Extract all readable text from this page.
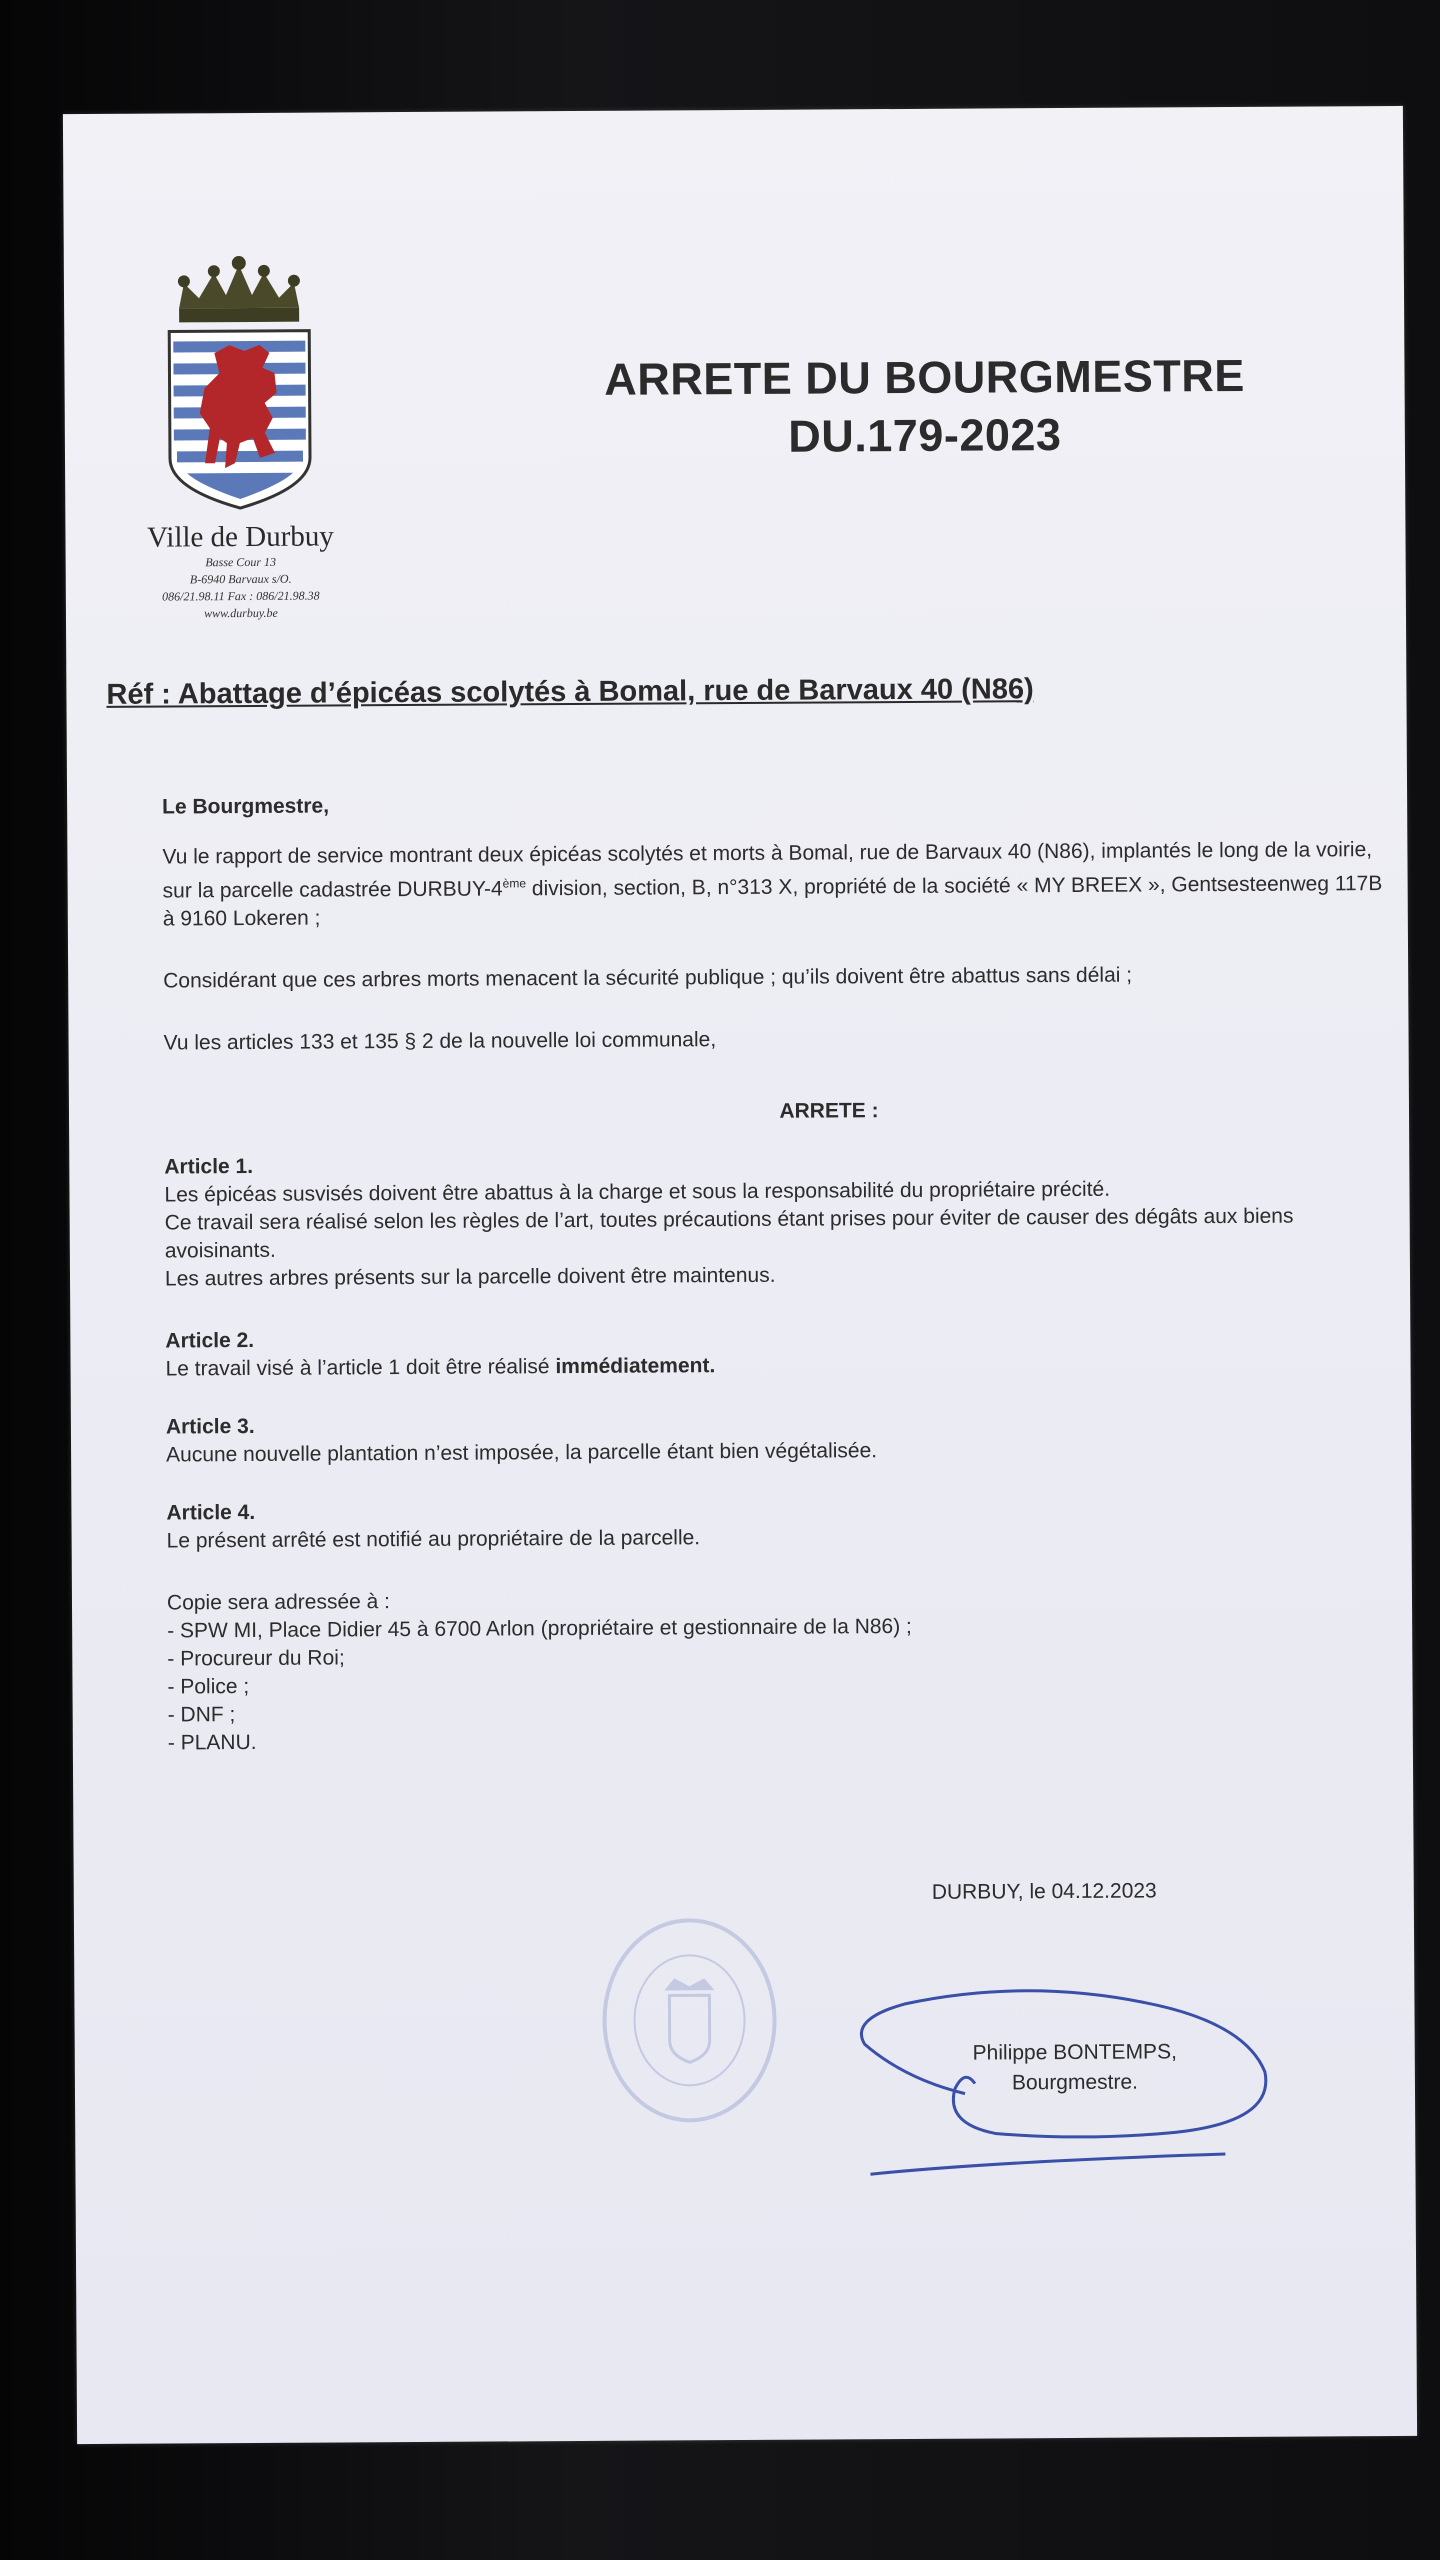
Ville de Durbuy
Basse Cour 13
B-6940 Barvaux s/O.
086/21.98.11 Fax : 086/21.98.38
www.durbuy.be
ARRETE DU BOURGMESTRE
DU.179-2023
Réf : Abattage d’épicéas scolytés à Bomal, rue de Barvaux 40 (N86)

Le Bourgmestre,

Vu le rapport de service montrant deux épicéas scolytés et morts à Bomal, rue de Barvaux 40 (N86), implantés le long de la voirie, sur la parcelle cadastrée DURBUY-4ème division, section, B, n°313 X, propriété de la société « MY BREEX », Gentsesteenweg 117B à 9160 Lokeren ;

Considérant que ces arbres morts menacent la sécurité publique ; qu’ils doivent être abattus sans délai ;

Vu les articles 133 et 135 § 2 de la nouvelle loi communale,

ARRETE :

Article 1.

Les épicéas susvisés doivent être abattus à la charge et sous la responsabilité du propriétaire précité.

Ce travail sera réalisé selon les règles de l’art, toutes précautions étant prises pour éviter de causer des dégâts aux biens avoisinants.

Les autres arbres présents sur la parcelle doivent être maintenus.

Article 2.

Le travail visé à l’article 1 doit être réalisé immédiatement.

Article 3.

Aucune nouvelle plantation n’est imposée, la parcelle étant bien végétalisée.

Article 4.

Le présent arrêté est notifié au propriétaire de la parcelle.

Copie sera adressée à :

- SPW MI, Place Didier 45 à 6700 Arlon (propriétaire et gestionnaire de la N86) ;

- Procureur du Roi;

- Police ;

- DNF ;

- PLANU.

DURBUY, le 04.12.2023
Philippe BONTEMPS,
Bourgmestre.
